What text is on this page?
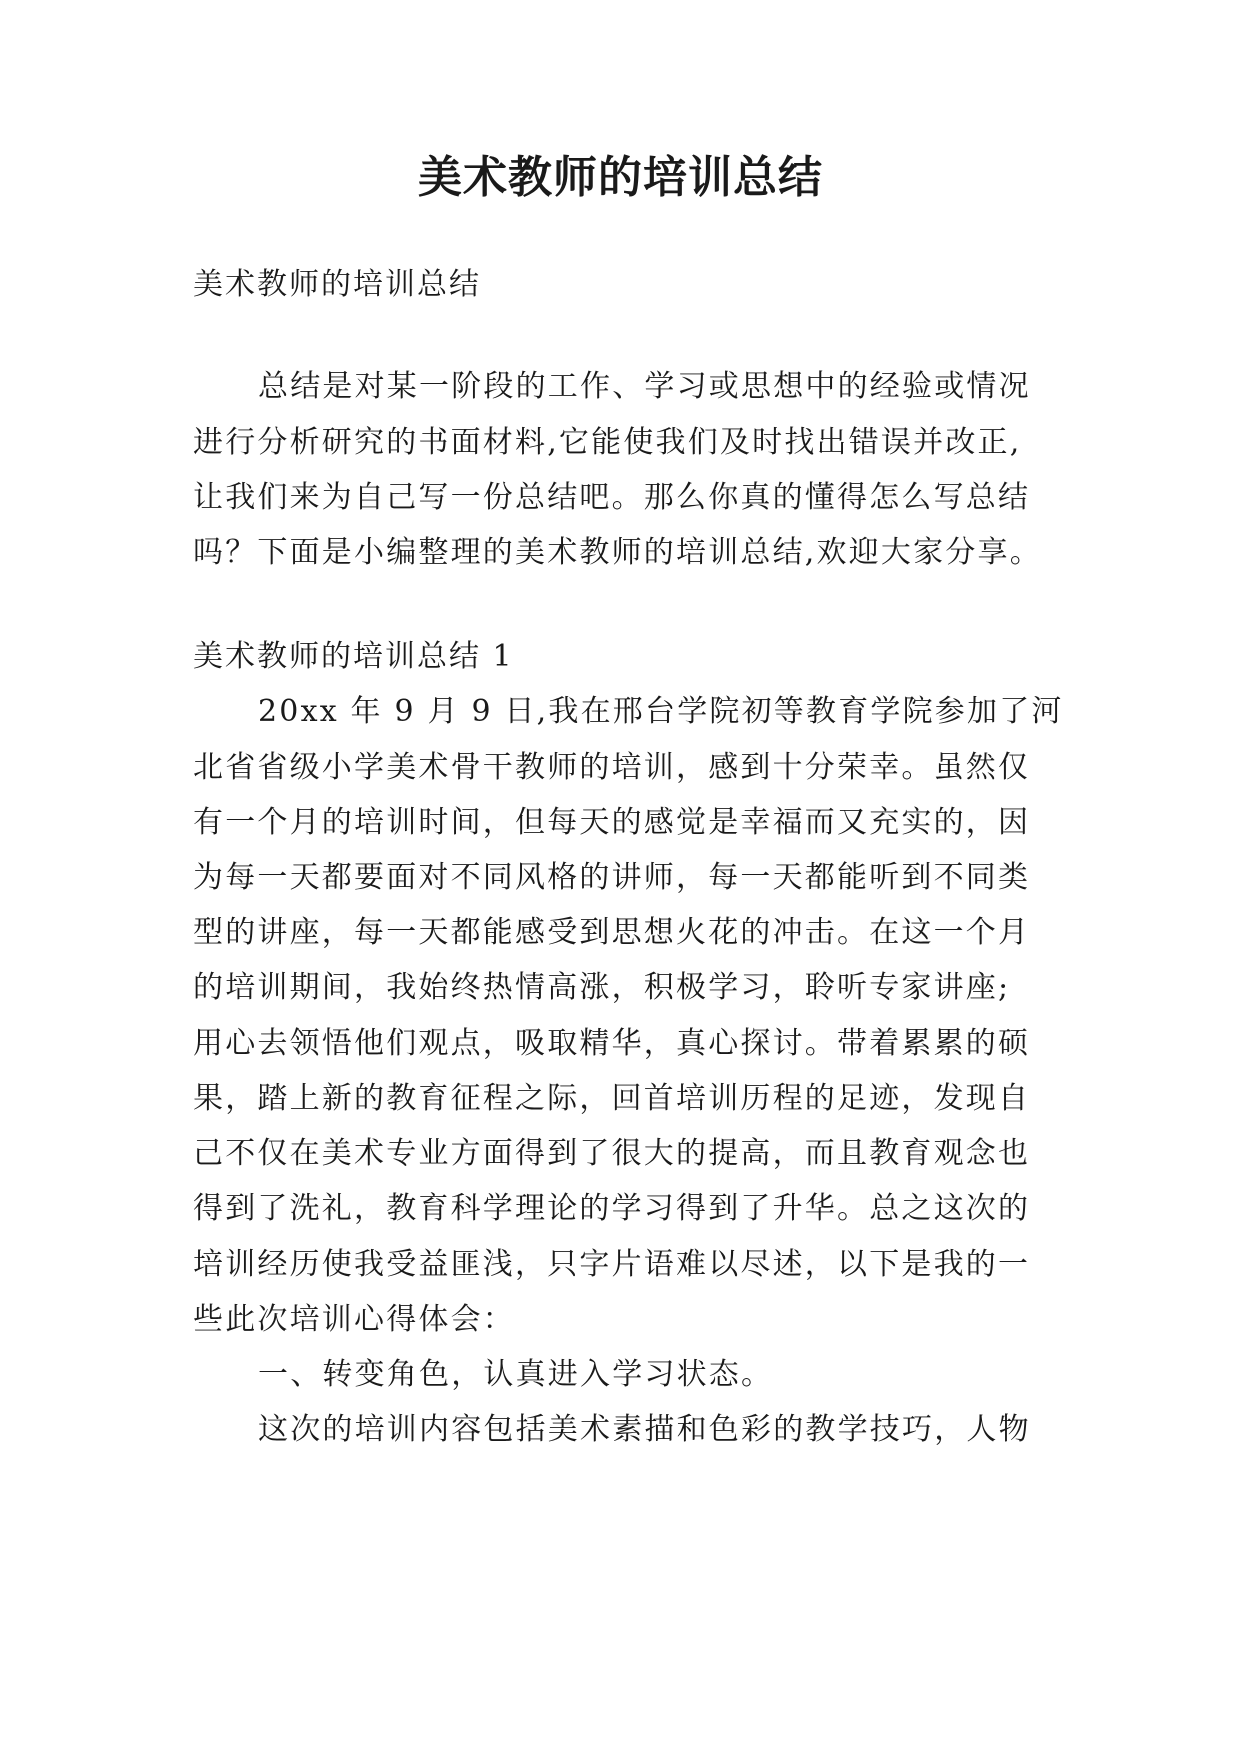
美术教师的培训总结
美术教师的培训总结
总结是对某一阶段的工作、学习或思想中的经验或情况
进行分析研究的书面材料,它能使我们及时找出错误并改正,
让我们来为自己写一份总结吧。那么你真的懂得怎么写总结
吗？下面是小编整理的美术教师的培训总结,欢迎大家分享。
美术教师的培训总结 1
20xx 年 9 月 9 日,我在邢台学院初等教育学院参加了河
北省省级小学美术骨干教师的培训，感到十分荣幸。虽然仅
有一个月的培训时间，但每天的感觉是幸福而又充实的，因
为每一天都要面对不同风格的讲师，每一天都能听到不同类
型的讲座，每一天都能感受到思想火花的冲击。在这一个月
的培训期间，我始终热情高涨，积极学习，聆听专家讲座;
用心去领悟他们观点，吸取精华，真心探讨。带着累累的硕
果，踏上新的教育征程之际，回首培训历程的足迹，发现自
己不仅在美术专业方面得到了很大的提高，而且教育观念也
得到了洗礼，教育科学理论的学习得到了升华。总之这次的
培训经历使我受益匪浅，只字片语难以尽述，以下是我的一
些此次培训心得体会：
一、转变角色，认真进入学习状态。
这次的培训内容包括美术素描和色彩的教学技巧，人物
